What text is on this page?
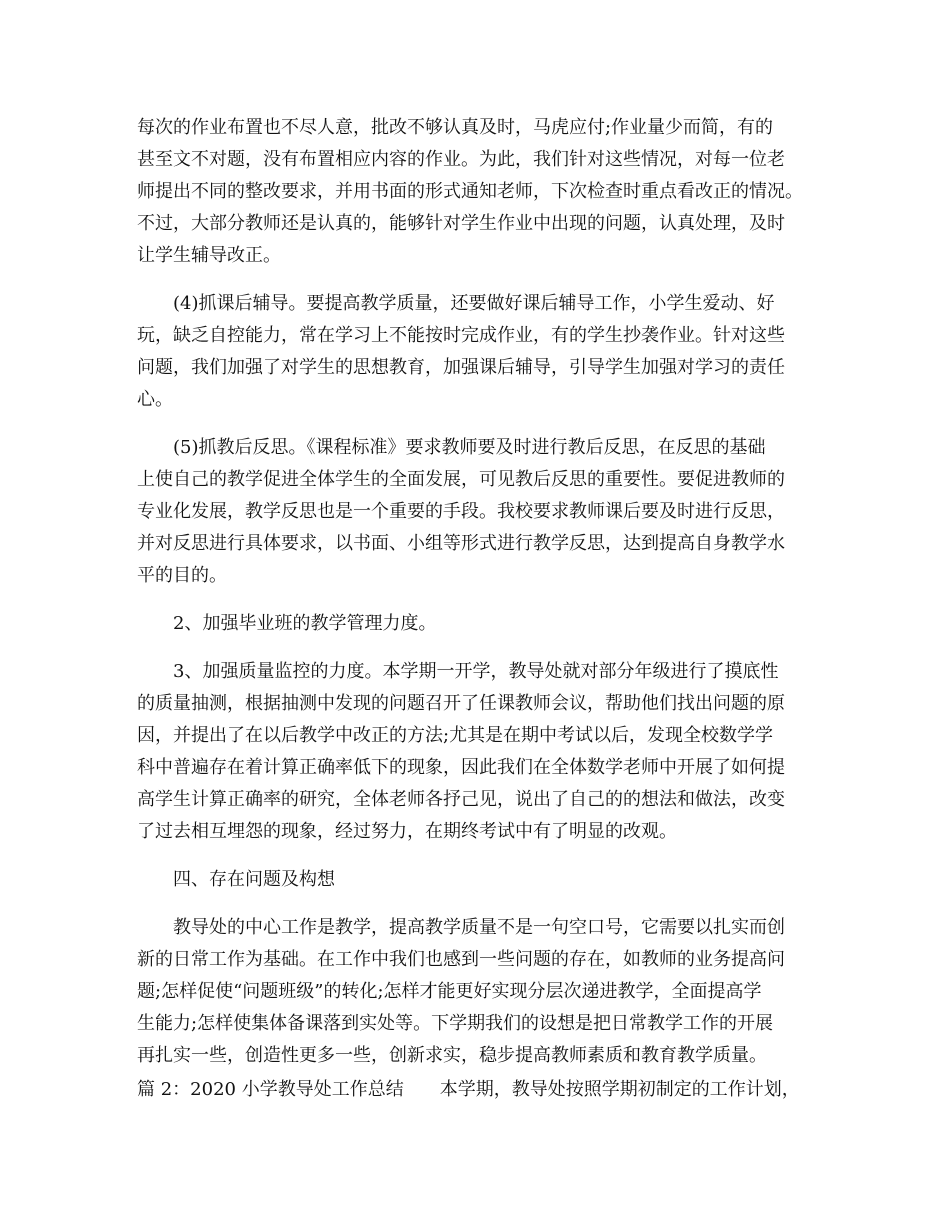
每次的作业布置也不尽人意，批改不够认真及时，马虎应付;作业量少而简，有的
甚至文不对题，没有布置相应内容的作业。为此，我们针对这些情况，对每一位老
师提出不同的整改要求，并用书面的形式通知老师，下次检查时重点看改正的情况。
不过，大部分教师还是认真的，能够针对学生作业中出现的问题，认真处理，及时
让学生辅导改正。
(4)抓课后辅导。要提高教学质量，还要做好课后辅导工作，小学生爱动、好
玩，缺乏自控能力，常在学习上不能按时完成作业，有的学生抄袭作业。针对这些
问题，我们加强了对学生的思想教育，加强课后辅导，引导学生加强对学习的责任
心。
(5)抓教后反思。《课程标准》要求教师要及时进行教后反思，在反思的基础
上使自己的教学促进全体学生的全面发展，可见教后反思的重要性。要促进教师的
专业化发展，教学反思也是一个重要的手段。我校要求教师课后要及时进行反思，
并对反思进行具体要求，以书面、小组等形式进行教学反思，达到提高自身教学水
平的目的。
2、加强毕业班的教学管理力度。
3、加强质量监控的力度。本学期一开学，教导处就对部分年级进行了摸底性
的质量抽测，根据抽测中发现的问题召开了任课教师会议，帮助他们找出问题的原
因，并提出了在以后教学中改正的方法;尤其是在期中考试以后，发现全校数学学
科中普遍存在着计算正确率低下的现象，因此我们在全体数学老师中开展了如何提
高学生计算正确率的研究，全体老师各抒己见，说出了自己的的想法和做法，改变
了过去相互埋怨的现象，经过努力，在期终考试中有了明显的改观。
四、存在问题及构想
教导处的中心工作是教学，提高教学质量不是一句空口号，它需要以扎实而创
新的日常工作为基础。在工作中我们也感到一些问题的存在，如教师的业务提高问
题;怎样促使“问题班级”的转化;怎样才能更好实现分层次递进教学，全面提高学
生能力;怎样使集体备课落到实处等。下学期我们的设想是把日常教学工作的开展
再扎实一些，创造性更多一些，创新求实，稳步提高教师素质和教育教学质量。
篇 2：2020 小学教导处工作总结　　本学期，教导处按照学期初制定的工作计划，
